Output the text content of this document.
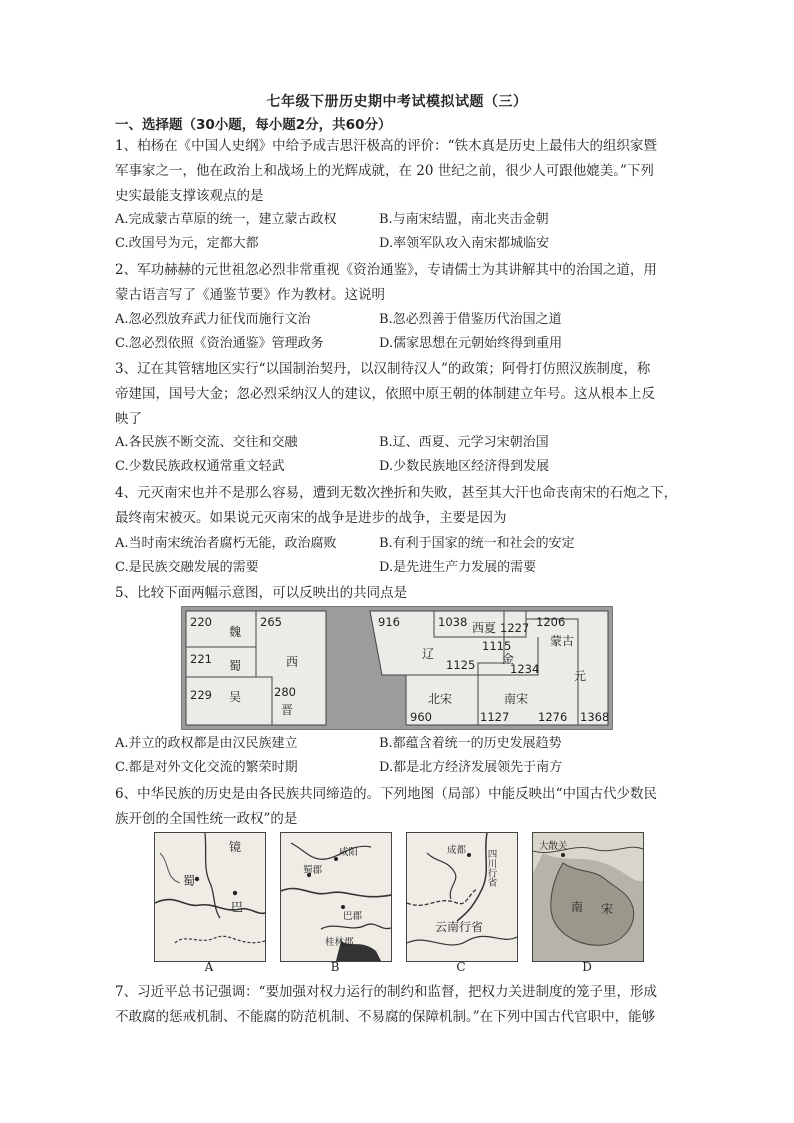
七年级下册历史期中考试模拟试题（三）
一、选择题（30小题，每小题2分，共60分）

1、柏杨在《中国人史纲》中给予成吉思汗极高的评价：“铁木真是历史上最伟大的组织家暨

军事家之一，他在政治上和战场上的光辉成就，在 20 世纪之前，很少人可跟他媲美。”下列

史实最能支撑该观点的是

A.完成蒙古草原的统一，建立蒙古政权	B.与南宋结盟，南北夹击金朝
C.改国号为元，定都大都	D.率领军队攻入南宋都城临安

2、军功赫赫的元世祖忽必烈非常重视《资治通鉴》，专请儒士为其讲解其中的治国之道，用

蒙古语言写了《通鉴节要》作为教材。这说明

A.忽必烈放弃武力征伐而施行文治	B.忽必烈善于借鉴历代治国之道
C.忽必烈依照《资治通鉴》管理政务	D.儒家思想在元朝始终得到重用

3、辽在其管辖地区实行“以国制治契丹，以汉制待汉人”的政策；阿骨打仿照汉族制度，称

帝建国，国号大金；忽必烈采纳汉人的建议，依照中原王朝的体制建立年号。这从根本上反

映了

A.各民族不断交流、交往和交融	B.辽、西夏、元学习宋朝治国
C.少数民族政权通常重文轻武	D.少数民族地区经济得到发展

4、元灭南宋也并不是那么容易，遭到无数次挫折和失败，甚至其大汗也命丧南宋的石炮之下，

最终南宋被灭。如果说元灭南宋的战争是进步的战争，主要是因为

A.当时南宋统治者腐朽无能，政治腐败	B.有利于国家的统一和社会的安定
C.是民族交融发展的需要	D.是先进生产力发展的需要

5、比较下面两幅示意图，可以反映出的共同点是

220
魏
221 蜀
229 吴
265
西
280
晋
916	1038 西夏 1227 1206
蒙古
辽
1115
金
1125	1234	元
北宋	南宋
960	1127 1276 1368
A.并立的政权都是由汉民族建立	B.都蕴含着统一的历史发展趋势
C.都是对外文化交流的繁荣时期	D.都是北方经济发展领先于南方

6、中华民族的历史是由各民族共同缔造的。下列地图（局部）中能反映出“中国古代少数民

族开创的全国性统一政权”的是

蜀
巴
镜
A
咸阳
蜀郡
巴郡
桂林郡
B
成都 四川行省
云南行省
C
大散关
南 宋
D

7、习近平总书记强调：“要加强对权力运行的制约和监督，把权力关进制度的笼子里，形成

不敢腐的惩戒机制、不能腐的防范机制、不易腐的保障机制。”在下列中国古代官职中，能够
